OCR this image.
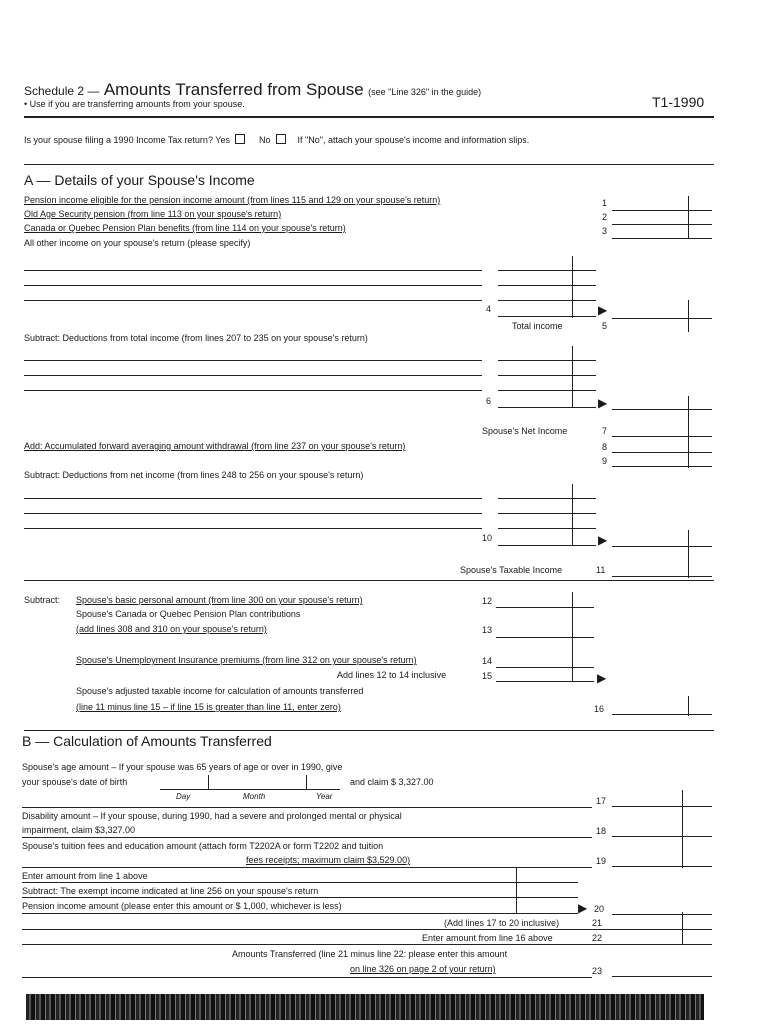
Schedule 2 — Amounts Transferred from Spouse (see "Line 326" in the guide)
• Use if you are transferring amounts from your spouse.	T1-1990
Is your spouse filing a 1990 Income Tax return? Yes	No	If "No", attach your spouse's income and information slips.
A — Details of your Spouse's Income
Pension income eligible for the pension income amount (from lines 115 and 129 on your spouse's return)	1
Old Age Security pension (from line 113 on your spouse's return)	2
Canada or Quebec Pension Plan benefits (from line 114 on your spouse's return)	3
All other income on your spouse's return (please specify)
4	▶
Total income	5
Subtract: Deductions from total income (from lines 207 to 235 on your spouse's return)
6	▶
Spouse's Net Income	7
Add: Accumulated forward averaging amount withdrawal (from line 237 on your spouse's return)	8
9
Subtract: Deductions from net income (from lines 248 to 256 on your spouse's return)
10	▶
Spouse's Taxable Income	11
Subtract: Spouse's basic personal amount (from line 300 on your spouse's return)	12
Spouse's Canada or Quebec Pension Plan contributions
(add lines 308 and 310 on your spouse's return)	13
Spouse's Unemployment Insurance premiums (from line 312 on your spouse's return)	14
Add lines 12 to 14 inclusive	15	▶
Spouse's adjusted taxable income for calculation of amounts transferred
(line 11 minus line 15 – if line 15 is greater than line 11, enter zero)	16
B — Calculation of Amounts Transferred
Spouse's age amount – If your spouse was 65 years of age or over in 1990, give
your spouse's date of birth
Day	Month	Year
and claim $ 3,327.00
17
Disability amount – If your spouse, during 1990, had a severe and prolonged mental or physical
impairment, claim $3,327.00	18
Spouse's tuition fees and education amount (attach form T2202A or form T2202 and tuition
fees receipts; maximum claim $3,529.00)	19
Enter amount from line 1 above
Subtract: The exempt income indicated at line 256 on your spouse's return
Pension income amount (please enter this amount or $ 1,000, whichever is less)	▶ 20
(Add lines 17 to 20 inclusive)	21
Enter amount from line 16 above	22
Amounts Transferred (line 21 minus line 22: please enter this amount
on line 326 on page 2 of your return)	23
